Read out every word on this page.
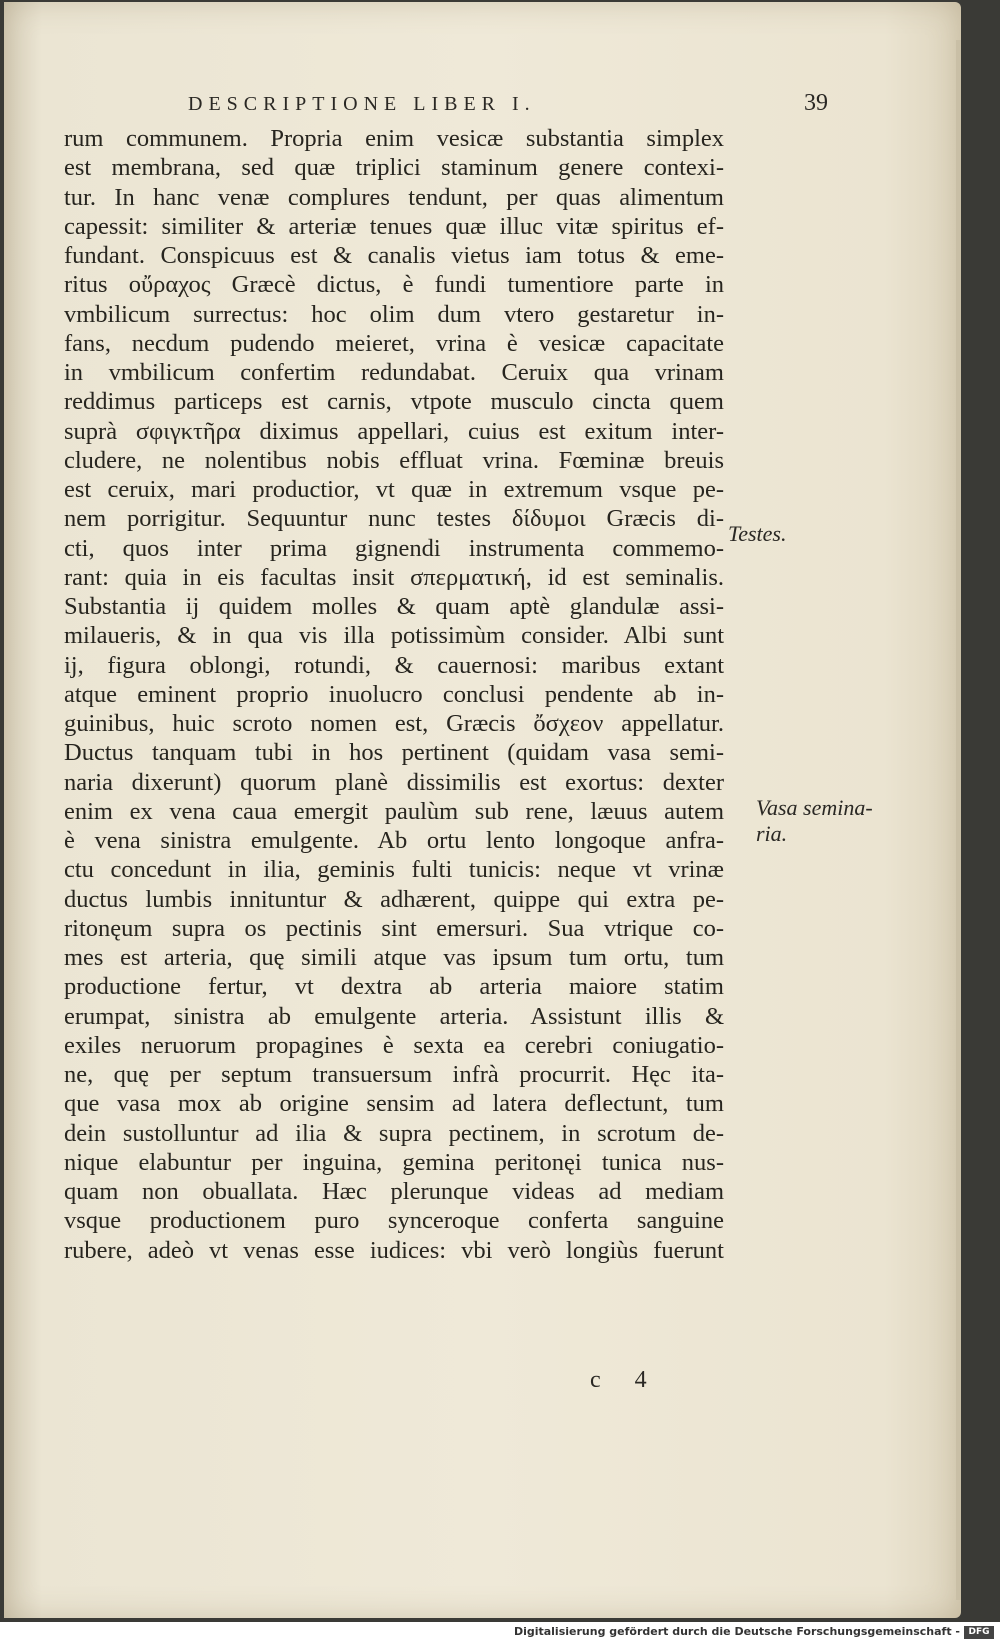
DESCRIPTIONE LIBER I.	39
rum communem. Propria enim vesicæ substantia simplex
est membrana, sed quæ triplici staminum genere contexi-
tur. In hanc venæ complures tendunt, per quas alimentum
capessit: similiter & arteriæ tenues quæ illuc vitæ spiritus ef-
fundant. Conspicuus est & canalis vietus iam totus & eme-
ritus οὔραχος Græcè dictus, è fundi tumentiore parte in
vmbilicum surrectus: hoc olim dum vtero gestaretur in-
fans, necdum pudendo meieret, vrina è vesicæ capacitate
in vmbilicum confertim redundabat. Ceruix qua vrinam
reddimus particeps est carnis, vtpote musculo cincta quem
suprà σφιγκτῆρα diximus appellari, cuius est exitum inter-
cludere, ne nolentibus nobis effluat vrina. Fœminæ breuis
est ceruix, mari productior, vt quæ in extremum vsque pe-
nem porrigitur. Sequuntur nunc testes δίδυμοι Græcis di-
cti, quos inter prima gignendi instrumenta commemo-
rant: quia in eis facultas insit σπερματική, id est seminalis.
Substantia ij quidem molles & quam aptè glandulæ assi-
milaueris, & in qua vis illa potissimùm consider. Albi sunt
ij, figura oblongi, rotundi, & cauernosi: maribus extant
atque eminent proprio inuolucro conclusi pendente ab in-
guinibus, huic scroto nomen est, Græcis ὄσχεον appellatur.
Ductus tanquam tubi in hos pertinent (quidam vasa semi-
naria dixerunt) quorum planè dissimilis est exortus: dexter
enim ex vena caua emergit paulùm sub rene, læuus autem
è vena sinistra emulgente. Ab ortu lento longoque anfra-
ctu concedunt in ilia, geminis fulti tunicis: neque vt vrinæ
ductus lumbis innituntur & adhærent, quippe qui extra pe-
ritonęum supra os pectinis sint emersuri. Sua vtrique co-
mes est arteria, quę simili atque vas ipsum tum ortu, tum
productione fertur, vt dextra ab arteria maiore statim
erumpat, sinistra ab emulgente arteria. Assistunt illis &
exiles neruorum propagines è sexta ea cerebri coniugatio-
ne, quę per septum transuersum infrà procurrit. Hęc ita-
que vasa mox ab origine sensim ad latera deflectunt, tum
dein sustolluntur ad ilia & supra pectinem, in scrotum de-
nique elabuntur per inguina, gemina peritonęi tunica nus-
quam non obuallata. Hæc plerunque videas ad mediam
vsque productionem puro synceroque conferta sanguine
rubere, adeò vt venas esse iudices: vbi verò longiùs fuerunt
Testes.
Vasa semina-
ria.
c 4
Digitalisierung gefördert durch die Deutsche Forschungsgemeinschaft - DFG
